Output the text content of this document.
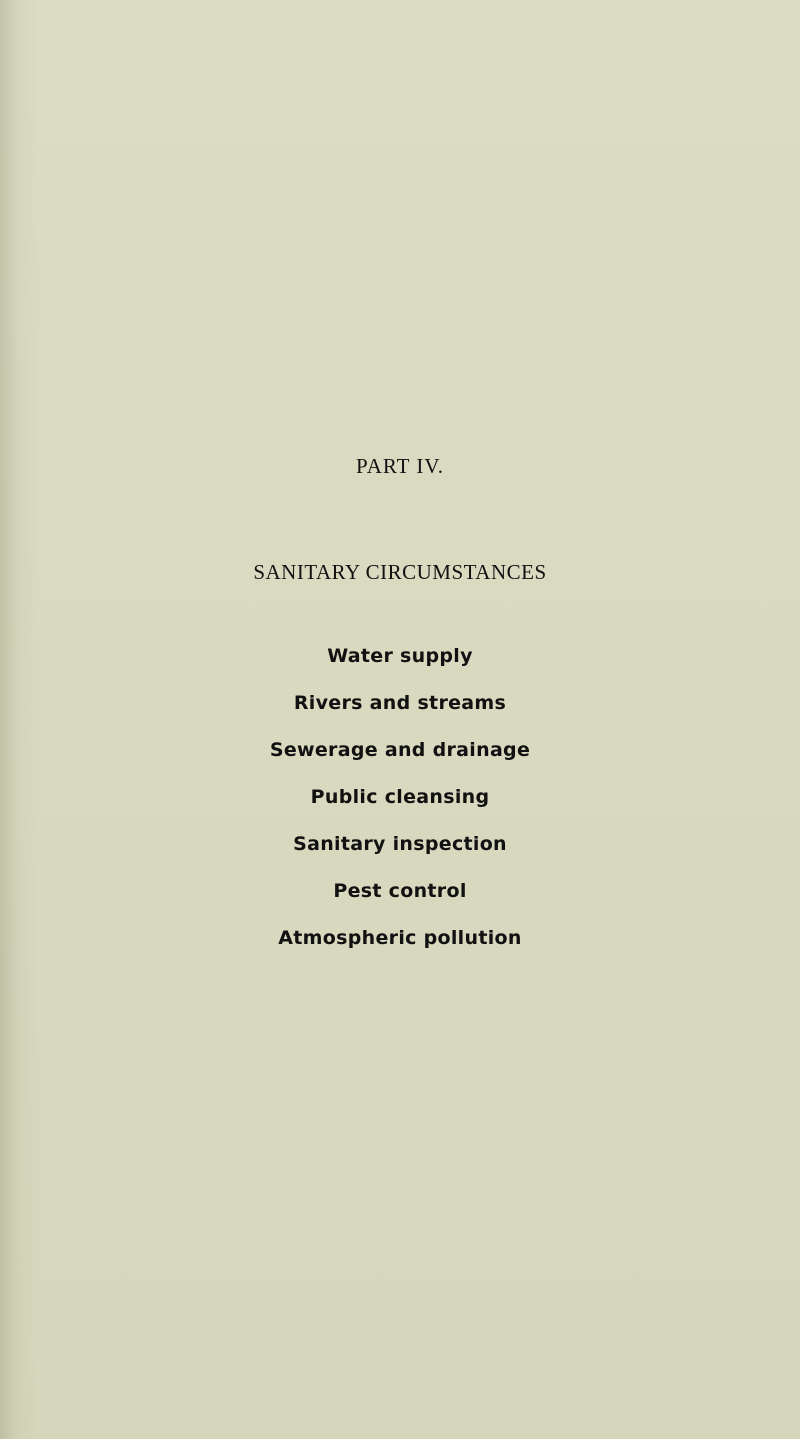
PART IV.
SANITARY CIRCUMSTANCES
Water supply
Rivers and streams
Sewerage and drainage
Public cleansing
Sanitary inspection
Pest control
Atmospheric pollution
